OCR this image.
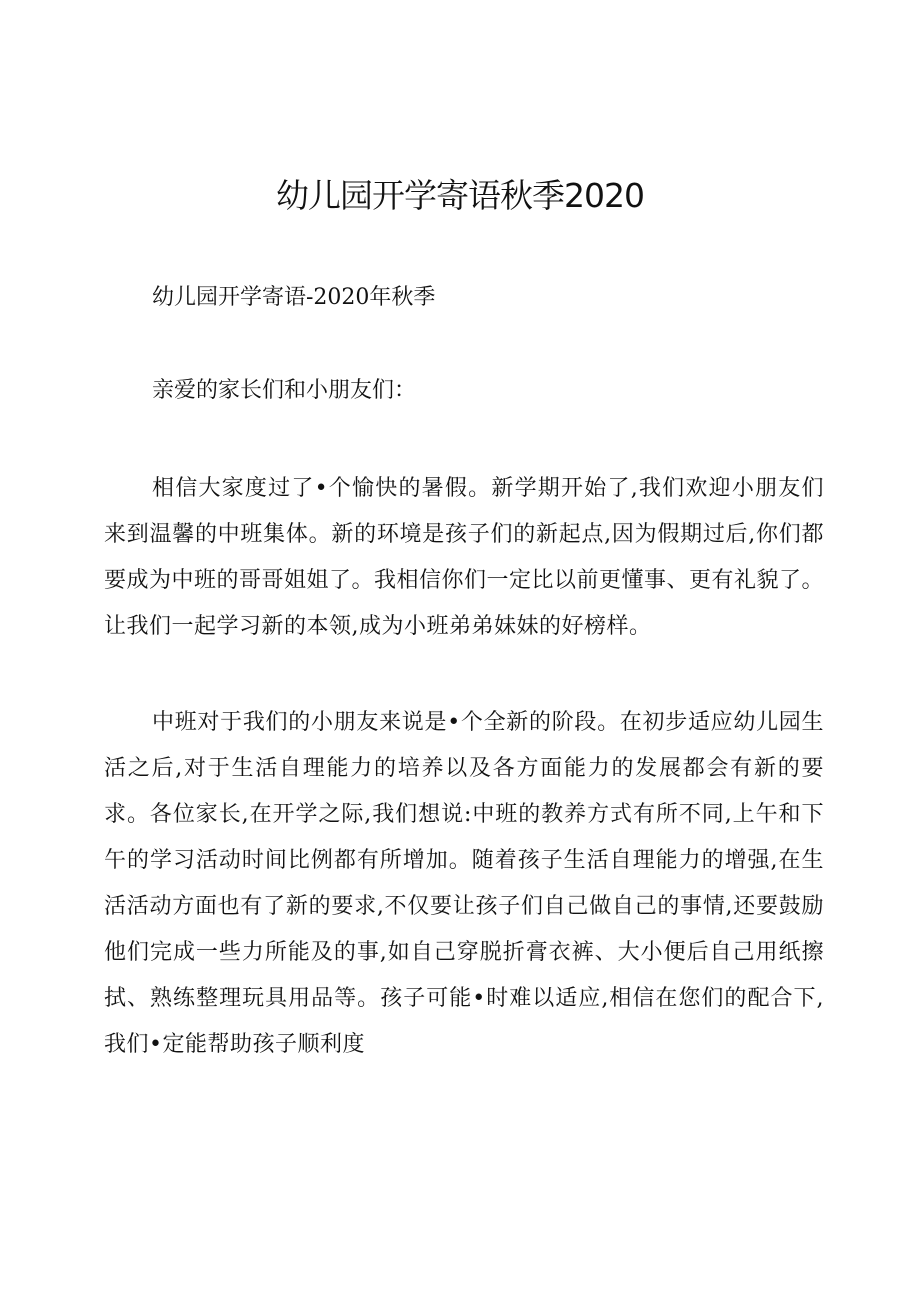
幼儿园开学寄语秋季2020

幼儿园开学寄语-2020年秋季

亲爱的家长们和小朋友们：

相信大家度过了•个愉快的暑假。新学期开始了,我们欢迎小朋友们来到温馨的中班集体。新的环境是孩子们的新起点,因为假期过后,你们都要成为中班的哥哥姐姐了。我相信你们一定比以前更懂事、更有礼貌了。让我们一起学习新的本领,成为小班弟弟妹妹的好榜样。

中班对于我们的小朋友来说是•个全新的阶段。在初步适应幼儿园生活之后,对于生活自理能力的培养以及各方面能力的发展都会有新的要求。各位家长,在开学之际,我们想说:中班的教养方式有所不同,上午和下午的学习活动时间比例都有所增加。随着孩子生活自理能力的增强,在生活活动方面也有了新的要求,不仅要让孩子们自己做自己的事情,还要鼓励他们完成一些力所能及的事,如自己穿脱折膏衣裤、大小便后自己用纸擦拭、熟练整理玩具用品等。孩子可能•时难以适应,相信在您们的配合下,我们•定能帮助孩子顺利度
